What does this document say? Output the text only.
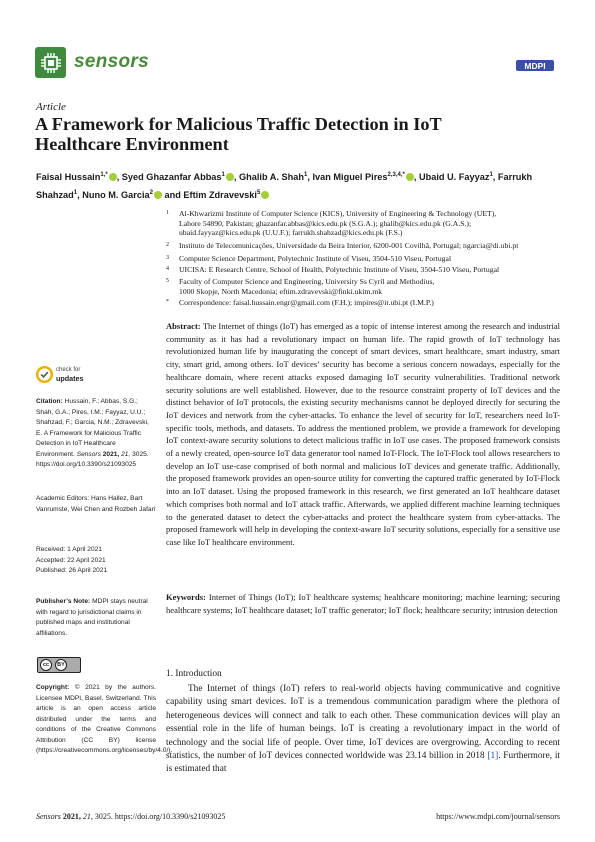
sensors	MDPI
Article
A Framework for Malicious Traffic Detection in IoT Healthcare Environment
Faisal Hussain$^{1,*}$ , Syed Ghazanfar Abbas$^1$ , Ghalib A. Shah$^1$, Ivan Miguel Pires$^{2,3,4,*}$ , Ubaid U. Fayyaz$^1$, Farrukh Shahzad$^1$, Nuno M. Garcia$^2$ and Eftim Zdravevski$^5$
1 Al-Khwarizmi Institute of Computer Science (KICS), University of Engineering & Technology (UET),
Lahore 54890, Pakistan; ghazanfar.abbas@kics.edu.pk (S.G.A.); ghalib@kics.edu.pk (G.A.S.);
ubaid.fayyaz@kics.edu.pk (U.U.F.); farrukh.shahzad@kics.edu.pk (F.S.)
2 Instituto de Telecomunicações, Universidade da Beira Interior, 6200-001 Covilhã, Portugal; ngarcia@di.ubi.pt
3 Computer Science Department, Polytechnic Institute of Viseu, 3504-510 Viseu, Portugal
4 UICISA: E Research Centre, School of Health, Polytechnic Institute of Viseu, 3504-510 Viseu, Portugal
5 Faculty of Computer Science and Engineering, University Ss Cyril and Methodius,
1000 Skopje, North Macedonia; eftim.zdravevski@finki.ukim.mk
* Correspondence: faisal.hussain.engr@gmail.com (F.H.); impires@it.ubi.pt (I.M.P.)
check for
updates
Citation: Hussain, F.; Abbas, S.G.; Shah, G.A.; Pires, I.M.; Fayyaz, U.U.; Shahzad, F.; Garcia, N.M.; Zdravevski, E. A Framework for Malicious Traffic Detection in IoT Healthcare Environment. Sensors 2021, 21, 3025. https://doi.org/10.3390/s21093025
Academic Editors: Hans Hallez, Bart Vanrumste, Wei Chen and Rozbeh Jafari
Received: 1 April 2021
Accepted: 22 April 2021
Published: 26 April 2021
Publisher’s Note: MDPI stays neutral with regard to jurisdictional claims in published maps and institutional affiliations.
cc	BY
Copyright: © 2021 by the authors. Licensee MDPI, Basel, Switzerland. This article is an open access article distributed under the terms and conditions of the Creative Commons Attribution (CC BY) license (https://creativecommons.org/licenses/by/4.0/).
Abstract: The Internet of things (IoT) has emerged as a topic of intense interest among the research and industrial community as it has had a revolutionary impact on human life. The rapid growth of IoT technology has revolutionized human life by inaugurating the concept of smart devices, smart healthcare, smart industry, smart city, smart grid, among others. IoT devices’ security has become a serious concern nowadays, especially for the healthcare domain, where recent attacks exposed damaging IoT security vulnerabilities. Traditional network security solutions are well established. However, due to the resource constraint property of IoT devices and the distinct behavior of IoT protocols, the existing security mechanisms cannot be deployed directly for securing the IoT devices and network from the cyber-attacks. To enhance the level of security for IoT, researchers need IoT-specific tools, methods, and datasets. To address the mentioned problem, we provide a framework for developing IoT context-aware security solutions to detect malicious traffic in IoT use cases. The proposed framework consists of a newly created, open-source IoT data generator tool named IoT-Flock. The IoT-Flock tool allows researchers to develop an IoT use-case comprised of both normal and malicious IoT devices and generate traffic. Additionally, the proposed framework provides an open-source utility for converting the captured traffic generated by IoT-Flock into an IoT dataset. Using the proposed framework in this research, we first generated an IoT healthcare dataset which comprises both normal and IoT attack traffic. Afterwards, we applied different machine learning techniques to the generated dataset to detect the cyber-attacks and protect the healthcare system from cyber-attacks. The proposed framework will help in developing the context-aware IoT security solutions, especially for a sensitive use case like IoT healthcare environment.
Keywords: Internet of Things (IoT); IoT healthcare systems; healthcare monitoring; machine learning; securing healthcare systems; IoT healthcare dataset; IoT traffic generator; IoT flock; healthcare security; intrusion detection
1. Introduction
The Internet of things (IoT) refers to real-world objects having communicative and cognitive capability using smart devices. IoT is a tremendous communication paradigm where the plethora of heterogeneous devices will connect and talk to each other. These communication devices will play an essential role in the life of human beings. IoT is creating a revolutionary impact in the world of technology and the social life of people. Over time, IoT devices are overgrowing. According to recent statistics, the number of IoT devices connected worldwide was 23.14 billion in 2018 [1]. Furthermore, it is estimated that
Sensors 2021, 21, 3025. https://doi.org/10.3390/s21093025	https://www.mdpi.com/journal/sensors
